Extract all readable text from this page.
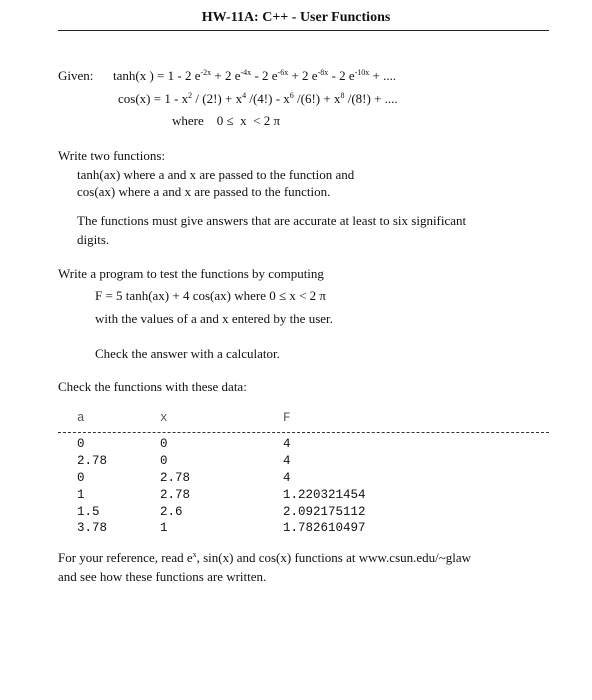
HW-11A: C++ - User Functions
Given: tanh(x ) = 1 - 2 $e^{-2x} + 2$ $e^{-4x} - 2$ $e^{-6x} + 2$ $e^{-8x} - 2$ $e^{-10x}$ + ....
$\cos(x) = 1 - x^2 / (2!) + x^4$ $/(4!) - x^6$ $/(6!) + x^8$ /(8!) + ....
where    0 ≤  x  < 2 π
Write two functions:
tanh(ax) where a and x are passed to the function and
cos(ax) where a and x are passed to the function.
The functions must give answers that are accurate at least to six significant
digits.
Write a program to test the functions by computing
F = 5 tanh(ax) + 4 cos(ax) where 0 ≤ x < 2 π
with the values of a and x entered by the user.
Check the answer with a calculator.
Check the functions with these data:
a	x	F
0	0	4
2.78	0	4
0	2.78	4
1	2.78	1.220321454
1.5	2.6	2.092175112
3.78	1	1.782610497
For your reference, read $e^x$, sin(x) and cos(x) functions at www.csun.edu/~glaw
and see how these functions are written.
